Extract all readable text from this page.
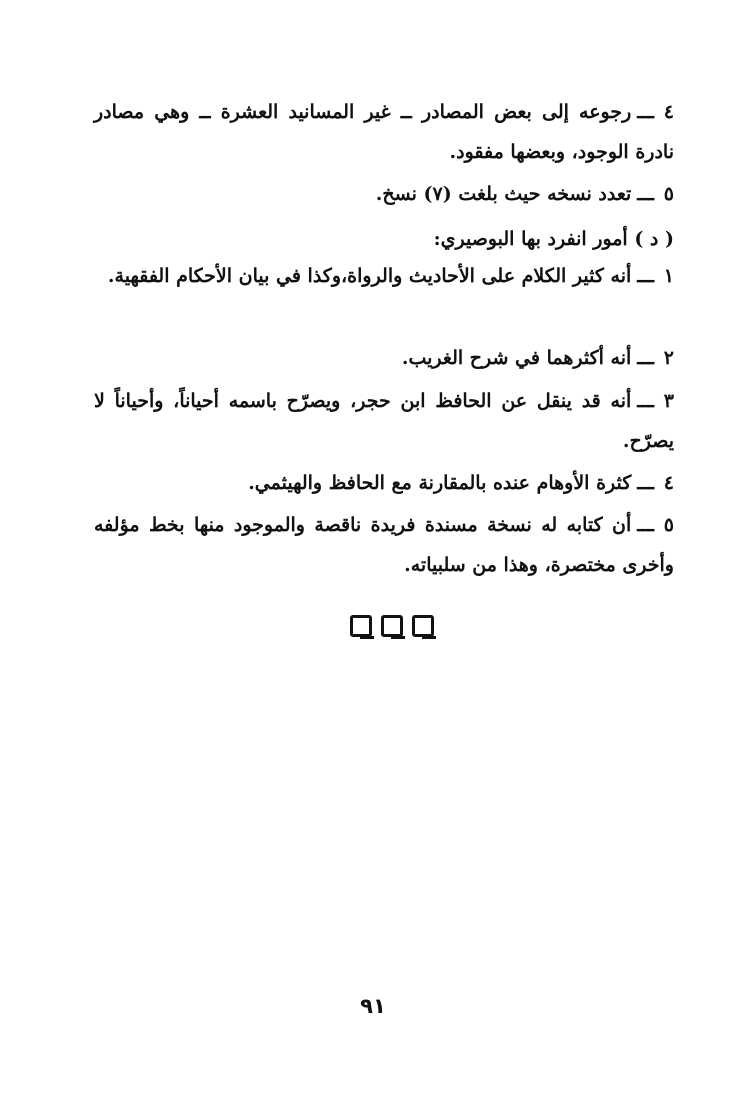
٤ـــرجوعه إلى بعض المصادر ــ غير المسانيد العشرة ــ وهي مصادر نادرة الوجود، وبعضها مفقود.

٥ـــتعدد نسخه حيث بلغت (٧) نسخ.

( د ) أمور انفرد بها البوصيري:

١ـــأنه كثير الكلام على الأحاديث والرواة،وكذا في بيان الأحكام الفقهية.

٢ـــأنه أكثرهما في شرح الغريب.

٣ـــأنه قد ينقل عن الحافظ ابن حجر، ويصرّح باسمه أحياناً، وأحياناً لا يصرّح.

٤ـــكثرة الأوهام عنده بالمقارنة مع الحافظ والهيثمي.

٥ـــأن كتابه له نسخة مسندة فريدة ناقصة والموجود منها بخط مؤلفه وأخرى مختصرة، وهذا من سلبياته.

٩١
